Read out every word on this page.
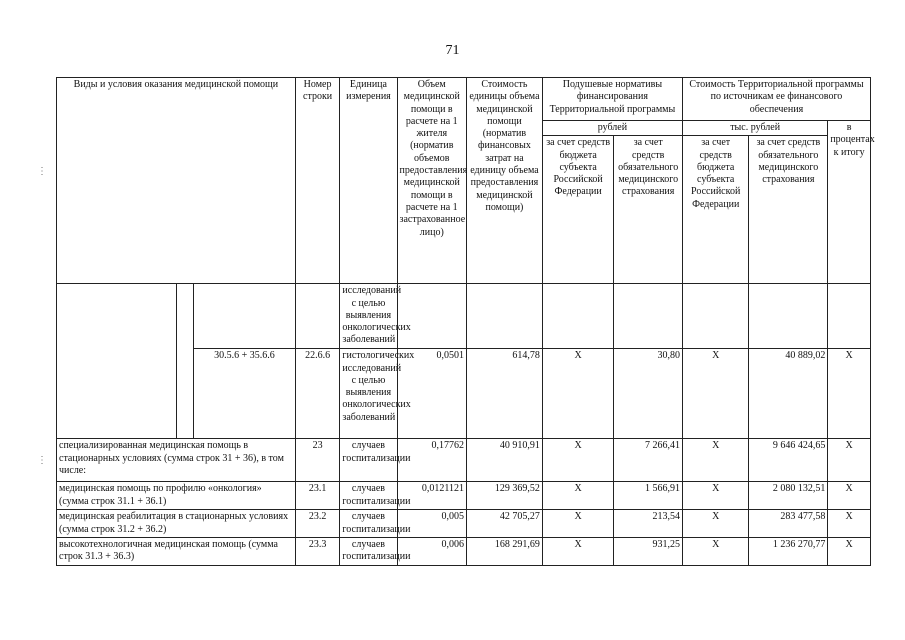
71
⋮
⋮
Виды и условия оказания медицинской помощи			Номер строки	Единица измерения	Объем медицинской помощи в расчете на 1 жителя (норматив объемов предоставления медицинской помощи в расчете на 1 застрахованное лицо)	Стоимость единицы объема медицинской помощи (норматив финансовых затрат на единицу объема предоставления медицинской помощи)	Подушевые нормативы финансирования Территориальной программы		Стоимость Территориальной программы по источникам ее финансового обеспечения		
							рублей		тыс. рублей		в процентах к итогу
							за счет средств бюджета субъекта Российской Федерации	за счет средств обязательного медицинского страхования	за счет средств бюджета субъекта Российской Федерации	за счет средств обязательного медицинского страхования	
				исследований с целью выявления онкологических заболеваний							
		30.5.6 + 35.6.6	22.6.6	гистологических исследований с целью выявления онкологических заболеваний	0,0501	614,78	X	30,80	X	40 889,02	X
специализированная медицинская помощь в стационарных условиях (сумма строк 31 + 36), в том числе:			23	случаев госпитализации	0,17762	40 910,91	X	7 266,41	X	9 646 424,65	X
медицинская помощь по профилю «онкология» (сумма строк 31.1 + 36.1)			23.1	случаев госпитализации	0,0121121	129 369,52	X	1 566,91	X	2 080 132,51	X
медицинская реабилитация в стационарных условиях (сумма строк 31.2 + 36.2)			23.2	случаев госпитализации	0,005	42 705,27	X	213,54	X	283 477,58	X
высокотехнологичная медицинская помощь (сумма строк 31.3 + 36.3)			23.3	случаев госпитализации	0,006	168 291,69	X	931,25	X	1 236 270,77	X
